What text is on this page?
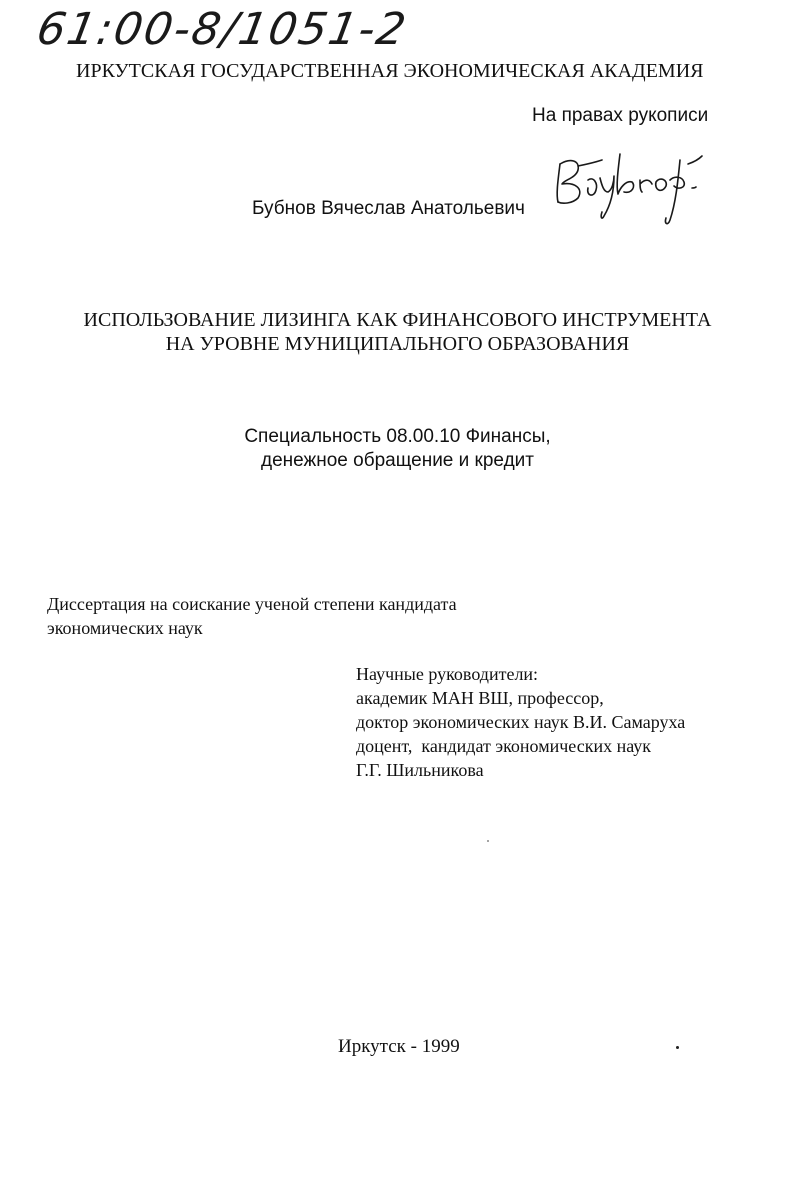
61:00-8/1051-2
ИРКУТСКАЯ ГОСУДАРСТВЕННАЯ ЭКОНОМИЧЕСКАЯ АКАДЕМИЯ
На правах рукописи
Бубнов Вячеслав Анатольевич
ИСПОЛЬЗОВАНИЕ ЛИЗИНГА КАК ФИНАНСОВОГО ИНСТРУМЕНТА
НА УРОВНЕ МУНИЦИПАЛЬНОГО ОБРАЗОВАНИЯ
Специальность 08.00.10 Финансы,
денежное обращение и кредит
Диссертация на соискание ученой степени кандидата
экономических наук
Научные руководители:
академик МАН ВШ, профессор,
доктор экономических наук В.И. Самаруха
доцент,  кандидат экономических наук
Г.Г. Шильникова
Иркутск - 1999
